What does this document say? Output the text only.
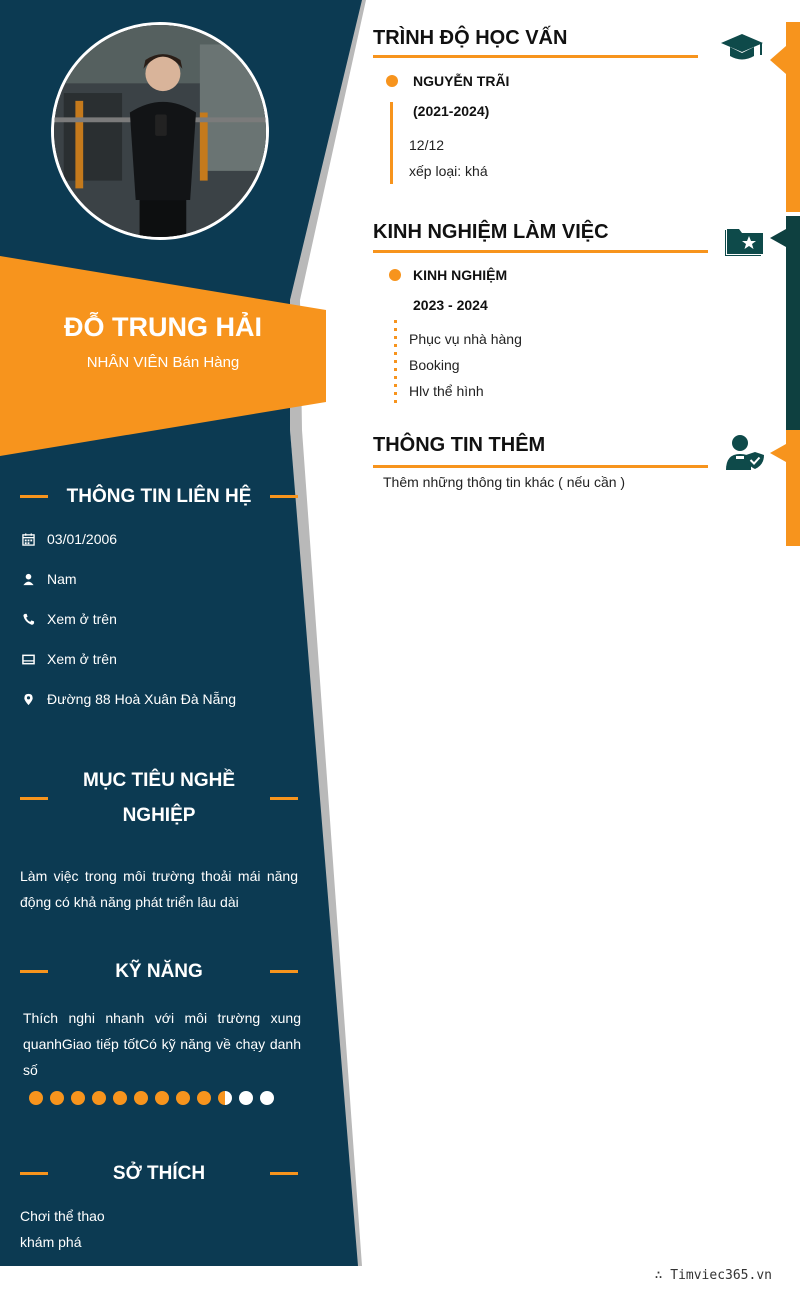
ĐỖ TRUNG HẢI
NHÂN VIÊN Bán Hàng
THÔNG TIN LIÊN HỆ
03/01/2006
Nam
Xem ở trên
Xem ở trên
Đường 88 Hoà Xuân Đà Nẵng
MỤC TIÊU NGHỀ
NGHIỆP
Làm việc trong môi trường thoải mái năng động có khả năng phát triển lâu dài
KỸ NĂNG
Thích nghi nhanh với môi trường xung quanhGiao tiếp tốtCó kỹ năng về chạy danh số
SỞ THÍCH
Chơi thể thao
khám phá
TRÌNH ĐỘ HỌC VẤN
NGUYỄN TRÃI
(2021-2024)
12/12
xếp loại: khá
KINH NGHIỆM LÀM VIỆC
KINH NGHIỆM
2023 - 2024
Phục vụ nhà hàng
Booking
Hlv thể hình
THÔNG TIN THÊM
Thêm những thông tin khác ( nếu cần )
∴ Timviec365.vn
